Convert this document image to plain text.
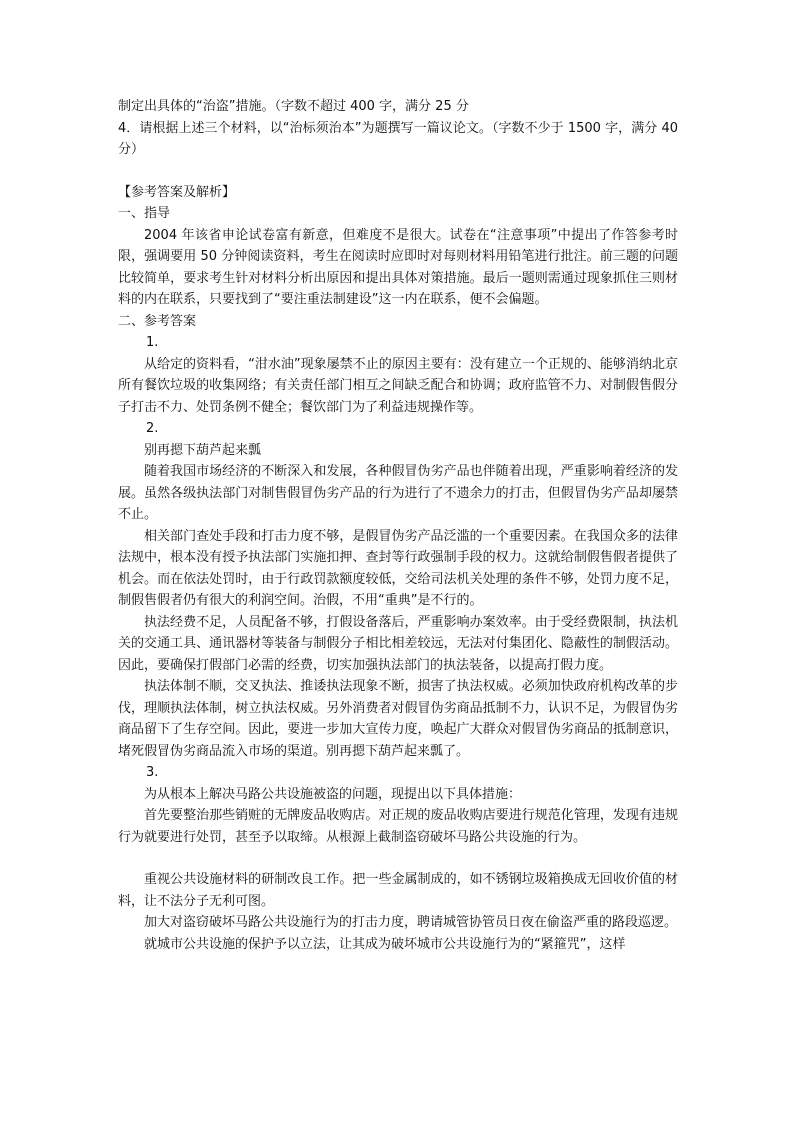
制定出具体的“治盗”措施。（字数不超过 400 字，满分 25 分

4．请根据上述三个材料，以“治标须治本”为题撰写一篇议论文。（字数不少于 1500 字，满分 40 分）

【参考答案及解析】

一、指导

2004 年该省申论试卷富有新意，但难度不是很大。试卷在“注意事项”中提出了作答参考时限，强调要用 50 分钟阅读资料，考生在阅读时应即时对每则材料用铅笔进行批注。前三题的问题比较简单，要求考生针对材料分析出原因和提出具体对策措施。最后一题则需通过现象抓住三则材料的内在联系，只要找到了“要注重法制建设”这一内在联系，便不会偏题。

二、参考答案

1.

从给定的资料看，“泔水油”现象屡禁不止的原因主要有：没有建立一个正规的、能够消纳北京所有餐饮垃圾的收集网络；有关责任部门相互之间缺乏配合和协调；政府监管不力、对制假售假分子打击不力、处罚条例不健全；餐饮部门为了利益违规操作等。

2.

别再摁下葫芦起来瓢

随着我国市场经济的不断深入和发展，各种假冒伪劣产品也伴随着出现，严重影响着经济的发展。虽然各级执法部门对制售假冒伪劣产品的行为进行了不遗余力的打击，但假冒伪劣产品却屡禁不止。

相关部门查处手段和打击力度不够，是假冒伪劣产品泛滥的一个重要因素。在我国众多的法律法规中，根本没有授予执法部门实施扣押、查封等行政强制手段的权力。这就给制假售假者提供了机会。而在依法处罚时，由于行政罚款额度较低，交给司法机关处理的条件不够，处罚力度不足，制假售假者仍有很大的利润空间。治假，不用“重典”是不行的。

执法经费不足，人员配备不够，打假设备落后，严重影响办案效率。由于受经费限制，执法机关的交通工具、通讯器材等装备与制假分子相比相差较远，无法对付集团化、隐蔽性的制假活动。因此，要确保打假部门必需的经费，切实加强执法部门的执法装备，以提高打假力度。

执法体制不顺，交叉执法、推诿执法现象不断，损害了执法权威。必须加快政府机构改革的步伐，理顺执法体制，树立执法权威。另外消费者对假冒伪劣商品抵制不力，认识不足，为假冒伪劣商品留下了生存空间。因此，要进一步加大宣传力度，唤起广大群众对假冒伪劣商品的抵制意识，堵死假冒伪劣商品流入市场的渠道。别再摁下葫芦起来瓢了。

3.

为从根本上解决马路公共设施被盗的问题，现提出以下具体措施：

首先要整治那些销赃的无牌废品收购店。对正规的废品收购店要进行规范化管理，发现有违规行为就要进行处罚，甚至予以取缔。从根源上截制盗窃破坏马路公共设施的行为。

重视公共设施材料的研制改良工作。把一些金属制成的，如不锈钢垃圾箱换成无回收价值的材料，让不法分子无利可图。

加大对盗窃破坏马路公共设施行为的打击力度，聘请城管协管员日夜在偷盗严重的路段巡逻。

就城市公共设施的保护予以立法，让其成为破坏城市公共设施行为的“紧箍咒”，这样
